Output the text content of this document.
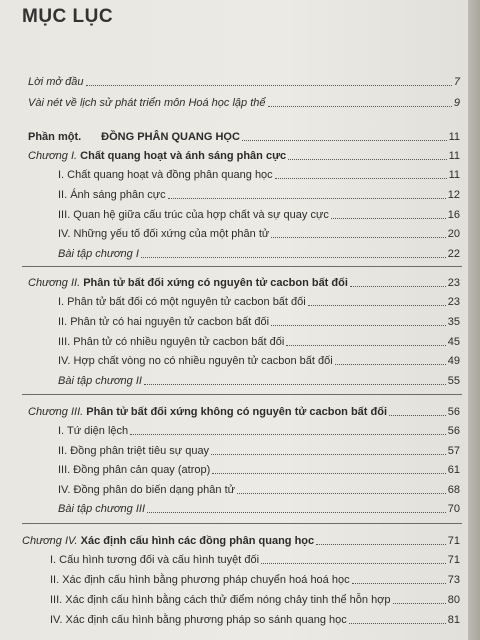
MỤC LỤC
Lời mở đầu	7
Vài nét về lịch sử phát triển môn Hoá học lập thể	9
Phần một. ĐỒNG PHÂN QUANG HỌC	11
Chương I. Chất quang hoạt và ánh sáng phân cực	11
I. Chất quang hoạt và đồng phân quang học	11
II. Ánh sáng phân cực	12
III. Quan hệ giữa cấu trúc của hợp chất và sự quay cực	16
IV. Những yếu tố đối xứng của một phân tử	20
Bài tập chương I	22
Chương II. Phân tử bất đối xứng có nguyên tử cacbon bất đối	23
I. Phân tử bất đối có một nguyên tử cacbon bất đối	23
II. Phân tử có hai nguyên tử cacbon bất đối	35
III. Phân tử có nhiều nguyên tử cacbon bất đối	45
IV. Hợp chất vòng no có nhiều nguyên tử cacbon bất đối	49
Bài tập chương II	55
Chương III. Phân tử bất đối xứng không có nguyên tử cacbon bất đối	56
I. Tứ diện lệch	56
II. Đồng phân triệt tiêu sự quay	57
III. Đồng phân cản quay (atrop)	61
IV. Đồng phân do biến dạng phân tử	68
Bài tập chương III	70
Chương IV. Xác định cấu hình các đồng phân quang học	71
I. Cấu hình tương đối và cấu hình tuyệt đối	71
II. Xác định cấu hình bằng phương pháp chuyển hoá hoá học	73
III. Xác định cấu hình bằng cách thử điểm nóng chảy tinh thể hỗn hợp	80
IV. Xác định cấu hình bằng phương pháp so sánh quang học	81
